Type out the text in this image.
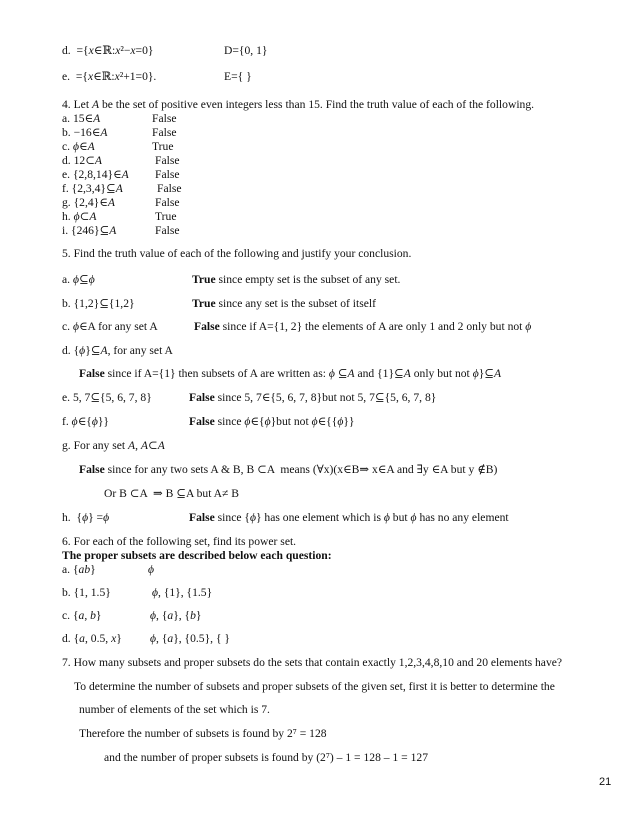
d.  ={x∈ℝ:x²−x=0}	D={0, 1}
e.  ={x∈ℝ:x²+1=0}.	E={ }
4. Let A be the set of positive even integers less than 15. Find the truth value of each of the following.
a. 15∈A	False
b. −16∈A	False
c. ϕ∈A	True
d. 12⊂A	False
e. {2,8,14}∈A False
f. {2,3,4}⊆A	False
g. {2,4}∈A	False
h. ϕ⊂A	True
i. {246}⊆A	False
5. Find the truth value of each of the following and justify your conclusion.
a. ϕ⊆ϕ	True since empty set is the subset of any set.
b. {1,2}⊆{1,2}	True since any set is the subset of itself
c. ϕ∈A for any set A	False since if A={1, 2} the elements of A are only 1 and 2 only but not ϕ
d. {ϕ}⊆A, for any set A
False since if A={1} then subsets of A are written as: ϕ ⊆A and {1}⊆A only but not ϕ}⊆A
e. 5, 7⊆{5, 6, 7, 8}	False since 5, 7∈{5, 6, 7, 8}but not 5, 7⊆{5, 6, 7, 8}
f. ϕ∈{ϕ}}	False since ϕ∈{ϕ}but not ϕ∈{{ϕ}}
g. For any set A, A⊂A
False since for any two sets A & B, B ⊂A  means (∀x)(x∈B⇒ x∈A and ∃y ∈A but y ∉B)
Or B ⊂A  ⇒ B ⊆A but A≠ B
h.  {ϕ} =ϕ	False since {ϕ} has one element which is ϕ but ϕ has no any element
6. For each of the following set, find its power set.
The proper subsets are described below each question:
a. {ab}	ϕ
b. {1, 1.5}	ϕ, {1}, {1.5}
c. {a, b}	ϕ, {a}, {b}
d. {a, 0.5, x} ϕ, {a}, {0.5}, { }
7. How many subsets and proper subsets do the sets that contain exactly 1,2,3,4,8,10 and 20 elements have?
To determine the number of subsets and proper subsets of the given set, first it is better to determine the
number of elements of the set which is 7.
Therefore the number of subsets is found by 2⁷ = 128
and the number of proper subsets is found by (2⁷) – 1 = 128 – 1 = 127
21
